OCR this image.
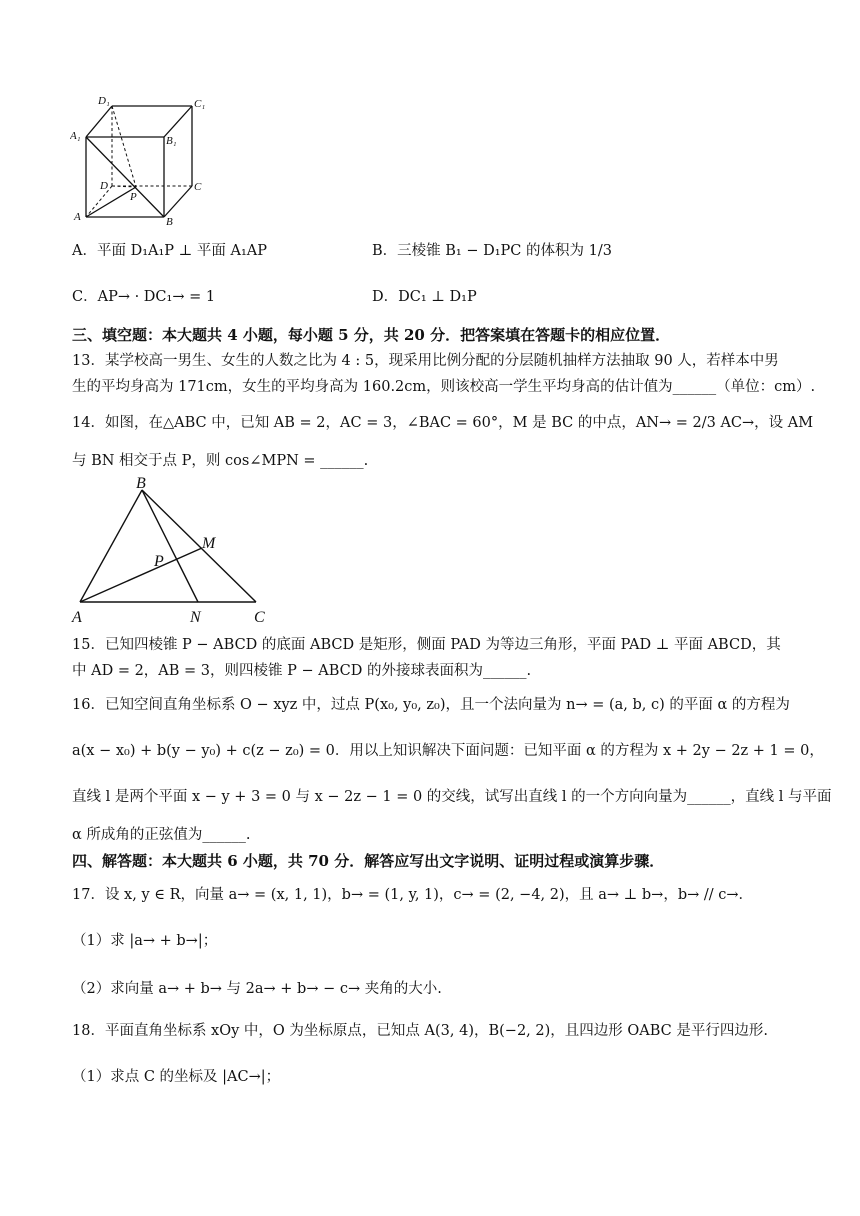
D₁	C₁
A₁	B₁
D	C
A	B
P
A．平面 D₁A₁P ⊥ 平面 A₁AP	B．三棱锥 B₁ − D₁PC 的体积为 1/3
C．AP→ · DC₁→ = 1	D．DC₁ ⊥ D₁P
三、填空题：本大题共 4 小题，每小题 5 分，共 20 分．把答案填在答题卡的相应位置．
13．某学校高一男生、女生的人数之比为 4 : 5，现采用比例分配的分层随机抽样方法抽取 90 人，若样本中男
生的平均身高为 171cm，女生的平均身高为 160.2cm，则该校高一学生平均身高的估计值为______（单位：cm）.
14．如图，在△ABC 中，已知 AB = 2，AC = 3，∠BAC = 60°，M 是 BC 的中点，AN→ = 2/3 AC→，设 AM
与 BN 相交于点 P，则 cos∠MPN = ______.
B
M
P
A	N	C
15．已知四棱锥 P − ABCD 的底面 ABCD 是矩形，侧面 PAD 为等边三角形，平面 PAD ⊥ 平面 ABCD，其
中 AD = 2，AB = 3，则四棱锥 P − ABCD 的外接球表面积为______.
16．已知空间直角坐标系 O − xyz 中，过点 P(x₀, y₀, z₀)，且一个法向量为 n→ = (a, b, c) 的平面 α 的方程为
a(x − x₀) + b(y − y₀) + c(z − z₀) = 0．用以上知识解决下面问题：已知平面 α 的方程为 x + 2y − 2z + 1 = 0，
直线 l 是两个平面 x − y + 3 = 0 与 x − 2z − 1 = 0 的交线，试写出直线 l 的一个方向向量为______，直线 l 与平面
α 所成角的正弦值为______.
四、解答题：本大题共 6 小题，共 70 分．解答应写出文字说明、证明过程或演算步骤．
17．设 x, y ∈ R，向量 a→ = (x, 1, 1)，b→ = (1, y, 1)，c→ = (2, −4, 2)，且 a→ ⊥ b→，b→ // c→．
（1）求 |a→ + b→|；
（2）求向量 a→ + b→ 与 2a→ + b→ − c→ 夹角的大小.
18．平面直角坐标系 xOy 中，O 为坐标原点，已知点 A(3, 4)，B(−2, 2)，且四边形 OABC 是平行四边形.
（1）求点 C 的坐标及 |AC→|；
